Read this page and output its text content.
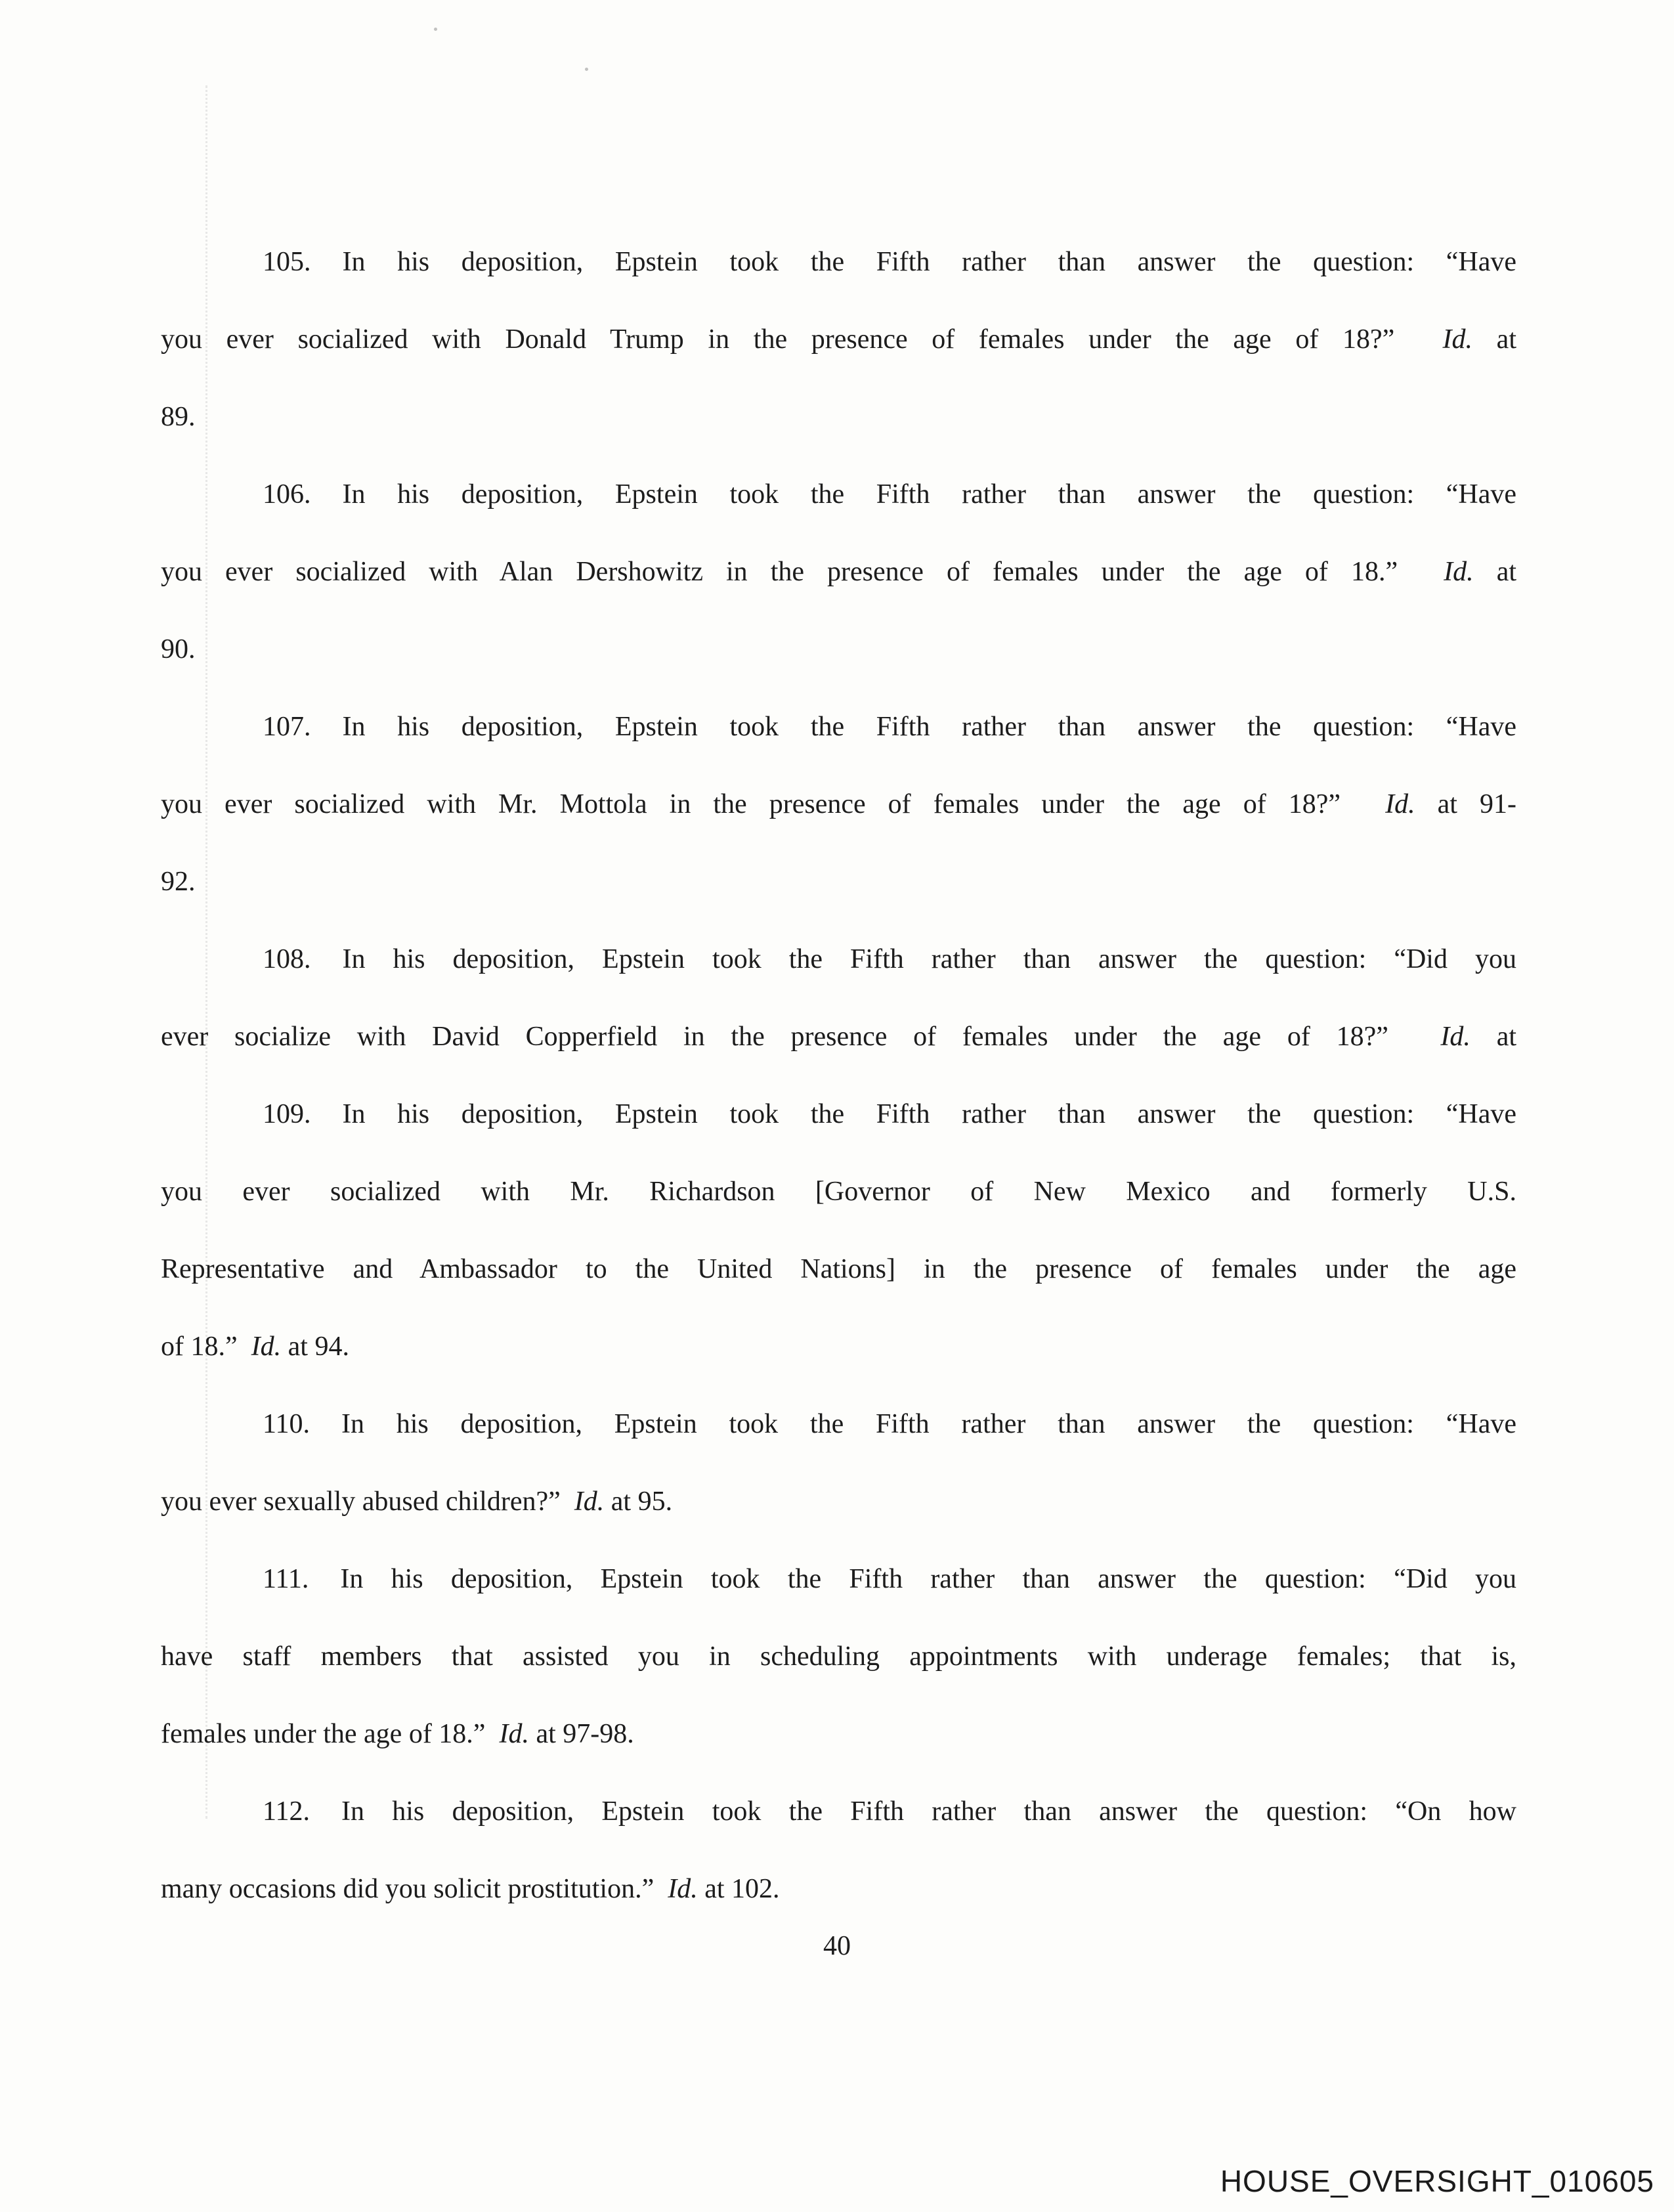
105. In his deposition, Epstein took the Fifth rather than answer the question: “Have
you ever socialized with Donald Trump in the presence of females under the age of 18?”  Id. at
89.
106. In his deposition, Epstein took the Fifth rather than answer the question: “Have
you ever socialized with Alan Dershowitz in the presence of females under the age of 18.”  Id. at
90.
107. In his deposition, Epstein took the Fifth rather than answer the question: “Have
you ever socialized with Mr. Mottola in the presence of females under the age of 18?”  Id. at 91-
92.
108. In his deposition, Epstein took the Fifth rather than answer the question: “Did you
ever socialize with David Copperfield in the presence of females under the age of 18?”  Id. at
109. In his deposition, Epstein took the Fifth rather than answer the question: “Have
you ever socialized with Mr. Richardson [Governor of New Mexico and formerly U.S.
Representative and Ambassador to the United Nations] in the presence of females under the age
of 18.”  Id. at 94.
110. In his deposition, Epstein took the Fifth rather than answer the question: “Have
you ever sexually abused children?”  Id. at 95.
111. In his deposition, Epstein took the Fifth rather than answer the question: “Did you
have staff members that assisted you in scheduling appointments with underage females; that is,
females under the age of 18.”  Id. at 97-98.
112. In his deposition, Epstein took the Fifth rather than answer the question: “On how
many occasions did you solicit prostitution.”  Id. at 102.
40
HOUSE_OVERSIGHT_010605
